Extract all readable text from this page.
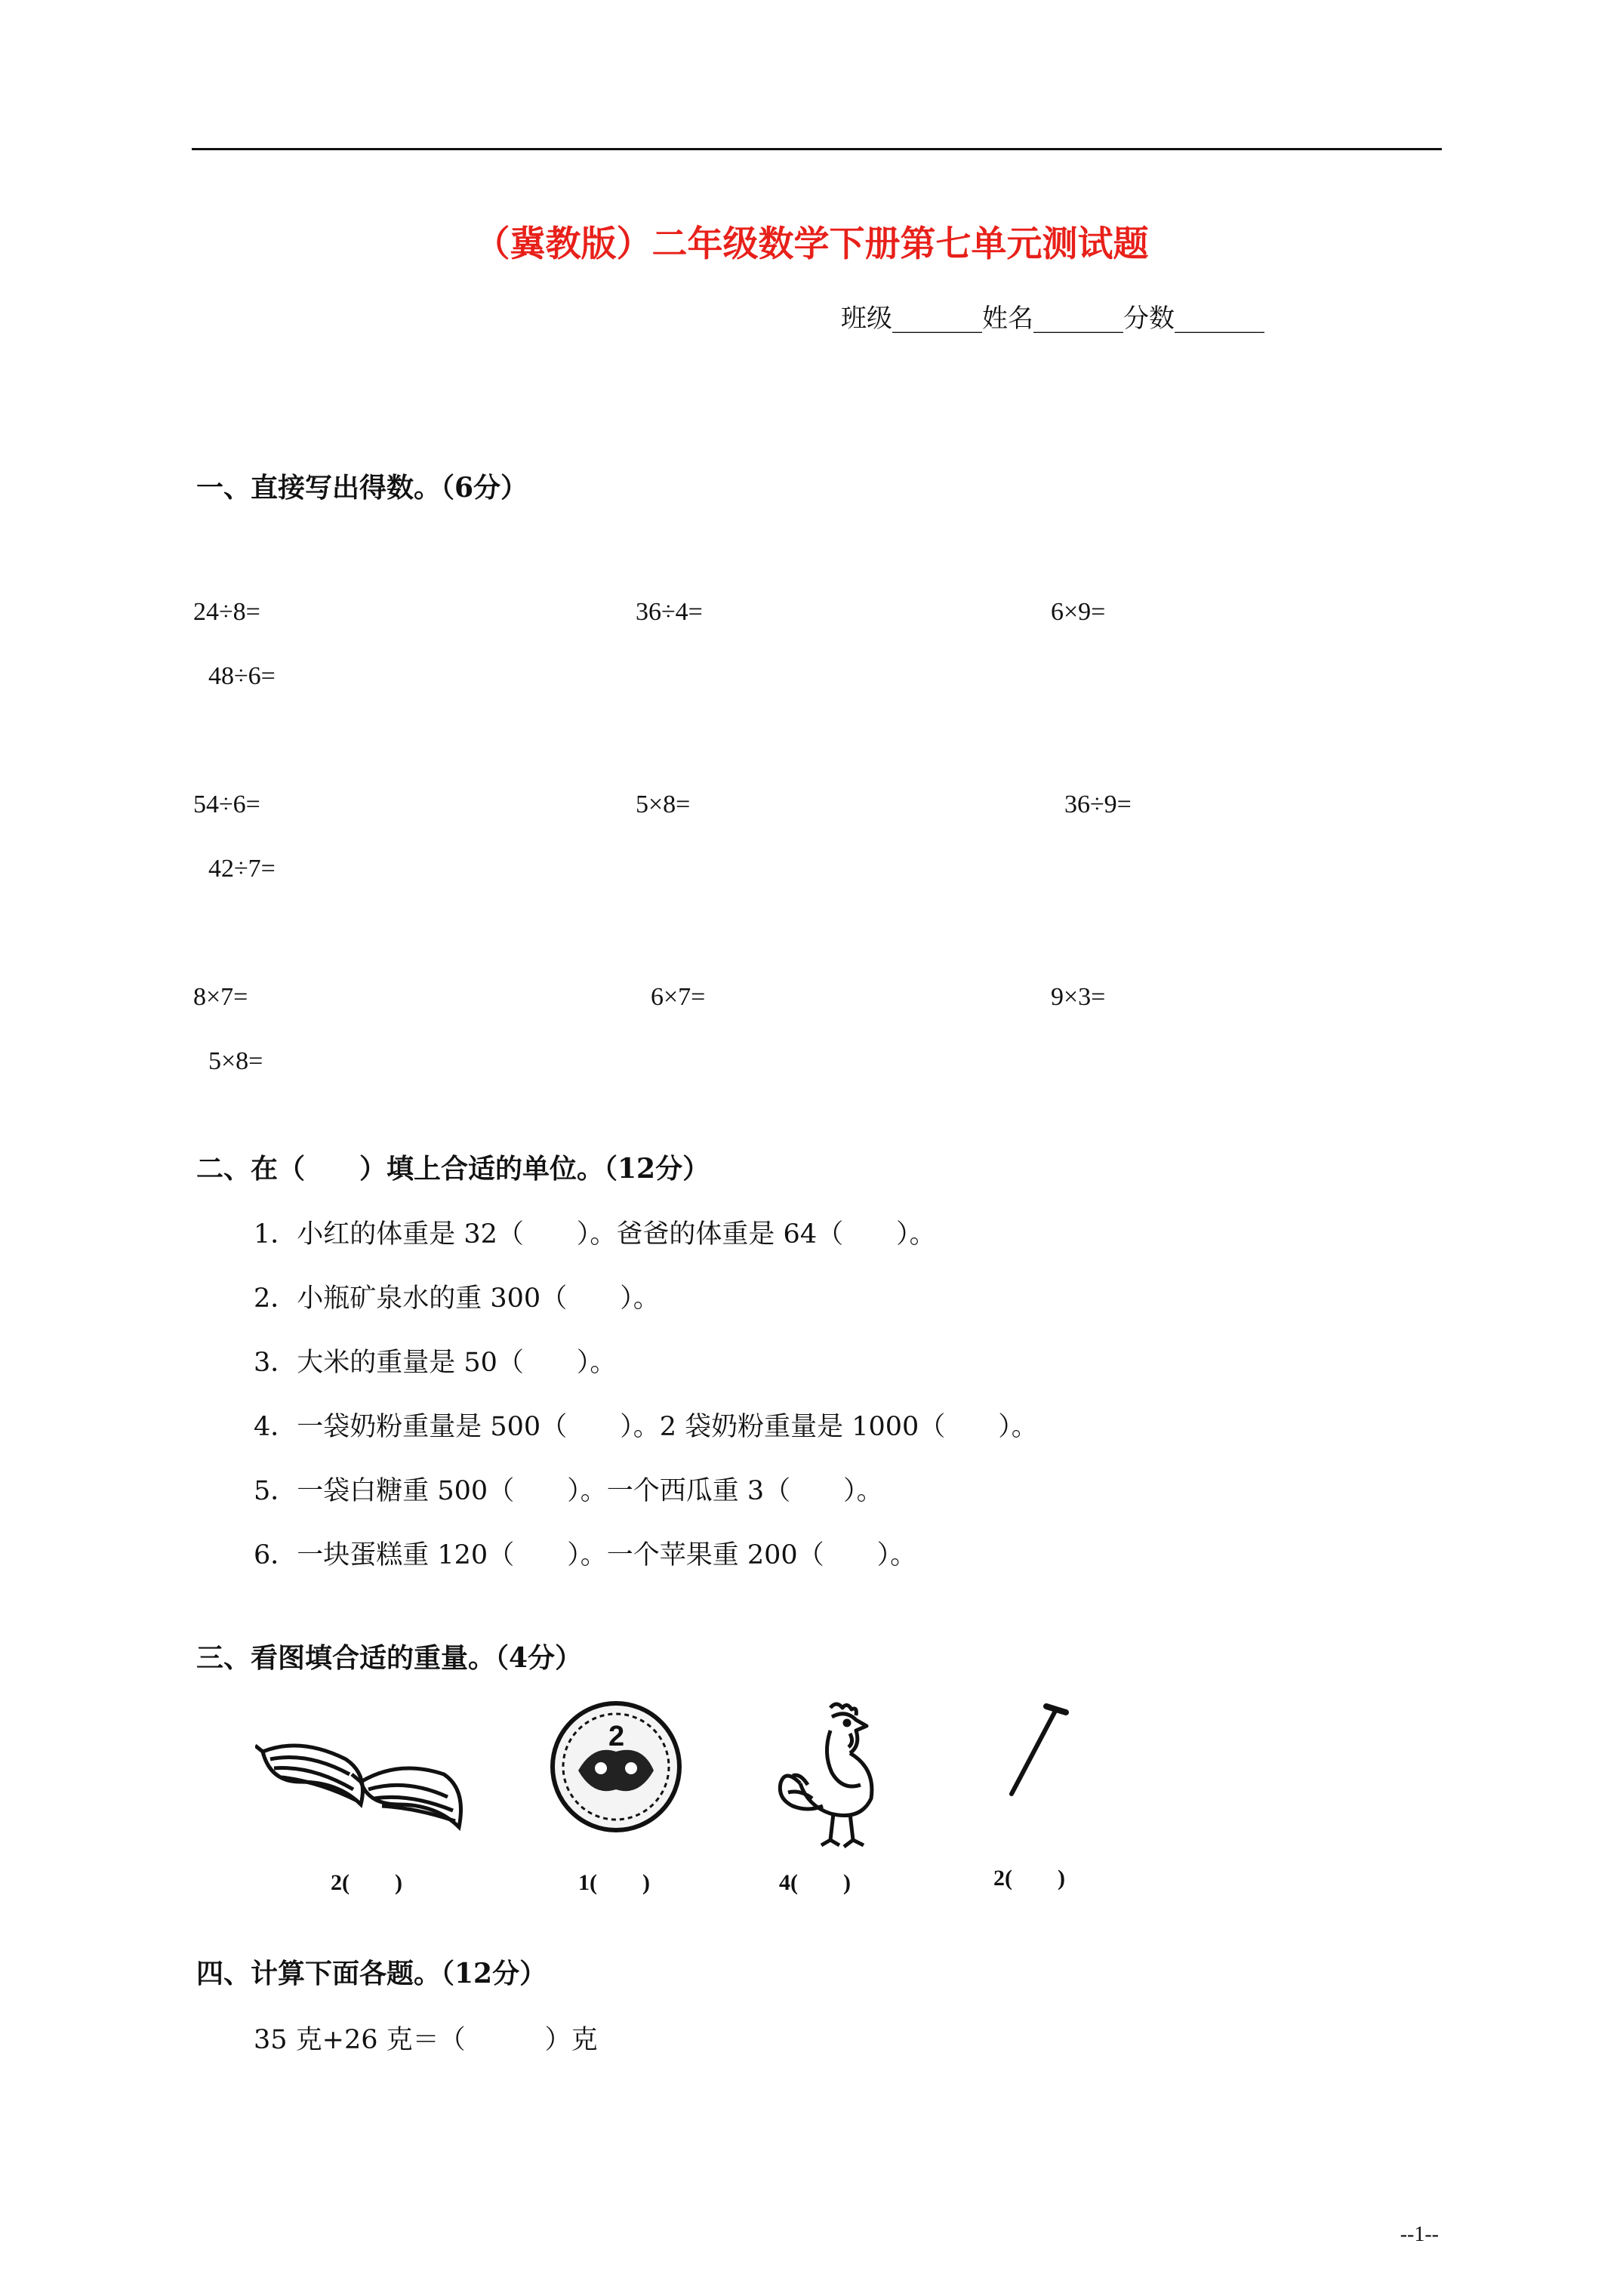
（冀教版）二年级数学下册第七单元测试题
班级_______姓名_______分数_______
一、直接写出得数。（6分）
24÷8=	36÷4=	6×9=
48÷6=
54÷6=	5×8=	36÷9=
42÷7=
8×7=	6×7=	9×3=
5×8=
二、在（　　）填上合适的单位。（12分）
1．小红的体重是 32（　　）。爸爸的体重是 64（　　）。
2．小瓶矿泉水的重 300（　　）。
3．大米的重量是 50（　　）。
4．一袋奶粉重量是 500（　　）。2 袋奶粉重量是 1000（　　）。
5．一袋白糖重 500（　　）。一个西瓜重 3（　　）。
6．一块蛋糕重 120（　　）。一个苹果重 200（　　）。
三、看图填合适的重量。（4分）
2(　　)
2
1(　　)	4(　　)	2(　　)
四、计算下面各题。（12分）
35 克+26 克＝（　　　）克
--1--
